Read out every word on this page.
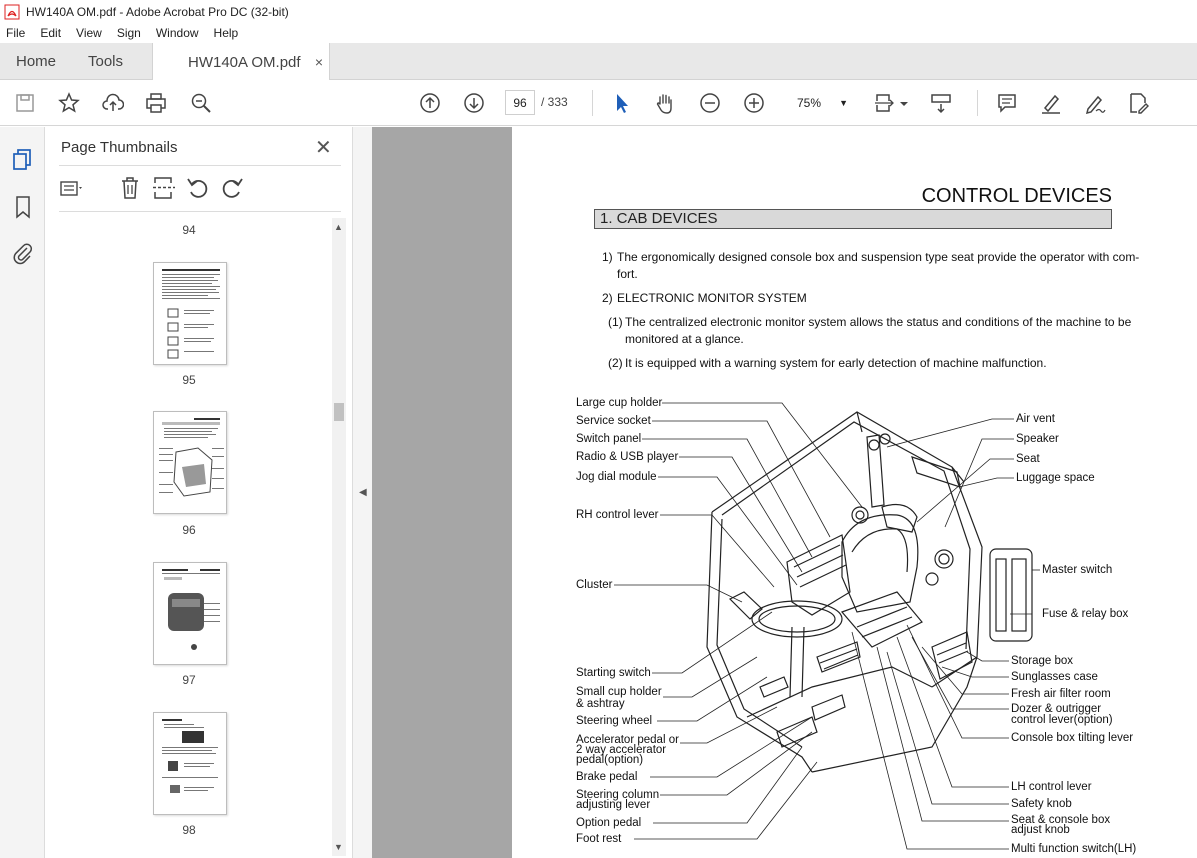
HW140A OM.pdf - Adobe Acrobat Pro DC (32-bit)
File Edit View Sign Window Help
Home Tools	HW140A OM.pdf ×
96	/ 333	75% ▼
Page Thumbnails	✕
94
95
96
97
98
▲
▼
◀
CONTROL DEVICES
1. CAB DEVICES
1) The ergonomically designed console box and suspension type seat provide the operator with com-
fort.
2) ELECTRONIC MONITOR SYSTEM
(1) The centralized electronic monitor system allows the status and conditions of the machine to be
monitored at a glance.
(2) It is equipped with a warning system for early detection of machine malfunction.
Large cup holder
Service socket
Switch panel
Radio & USB player
Jog dial module
RH control lever
Cluster
Starting switch
Small cup holder
& ashtray
Steering wheel
Accelerator pedal or
2 way accelerator
pedal(option)
Brake pedal
Steering column
adjusting lever
Option pedal
Foot rest
Air vent
Speaker
Seat
Luggage space
Master switch
Fuse & relay box
Storage box
Sunglasses case
Fresh air filter room
Dozer & outrigger
control lever(option)
Console box tilting lever
LH control lever
Safety knob
Seat & console box
adjust knob
Multi function switch(LH)
